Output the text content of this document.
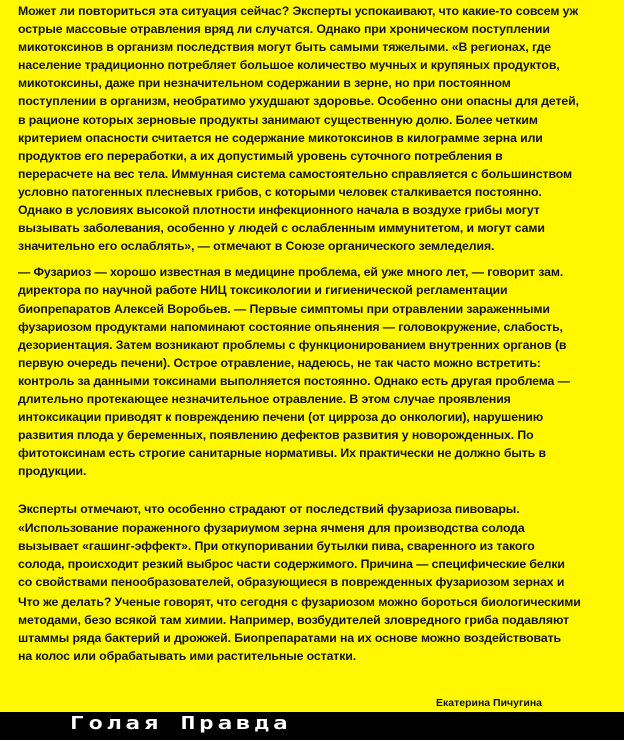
Может ли повториться эта ситуация сейчас? Эксперты успокаивают, что какие-то совсем уж
острые массовые отравления вряд ли случатся. Однако при хроническом поступлении
микотоксинов в организм последствия могут быть самыми тяжелыми. «В регионах, где
население традиционно потребляет большое количество мучных и крупяных продуктов,
микотоксины, даже при незначительном содержании в зерне, но при постоянном
поступлении в организм, необратимо ухудшают здоровье. Особенно они опасны для детей,
в рационе которых зерновые продукты занимают существенную долю. Более четким
критерием опасности считается не содержание микотоксинов в килограмме зерна или
продуктов его переработки, а их допустимый уровень суточного потребления в
перерасчете на вес тела. Иммунная система самостоятельно справляется с большинством
условно патогенных плесневых грибов, с которыми человек сталкивается постоянно.
Однако в условиях высокой плотности инфекционного начала в воздухе грибы могут
вызывать заболевания, особенно у людей с ослабленным иммунитетом, и могут сами
значительно его ослаблять», — отмечают в Союзе органического земледелия.

— Фузариоз — хорошо известная в медицине проблема, ей уже много лет, — говорит зам.
директора по научной работе НИЦ токсикологии и гигиенической регламентации
биопрепаратов Алексей Воробьев. — Первые симптомы при отравлении зараженными
фузариозом продуктами напоминают состояние опьянения — головокружение, слабость,
дезориентация. Затем возникают проблемы с функционированием внутренних органов (в
первую очередь печени). Острое отравление, надеюсь, не так часто можно встретить:
контроль за данными токсинами выполняется постоянно. Однако есть другая проблема —
длительно протекающее незначительное отравление. В этом случае проявления
интоксикации приводят к повреждению печени (от цирроза до онкологии), нарушению
развития плода у беременных, появлению дефектов развития у новорожденных. По
фитотоксинам есть строгие санитарные нормативы. Их практически не должно быть в
продукции.

Эксперты отмечают, что особенно страдают от последствий фузариоза пивовары.
«Использование пораженного фузариумом зерна ячменя для производства солода
вызывает «гашинг-эффект». При откупоривании бутылки пива, сваренного из такого
солода, происходит резкий выброс части содержимого. Причина — специфические белки
со свойствами пенообразователей, образующиеся в поврежденных фузариозом зернах и

Что же делать? Ученые говорят, что сегодня с фузариозом можно бороться биологическими
методами, безо всякой там химии. Например, возбудителей зловредного гриба подавляют
штаммы ряда бактерий и дрожжей. Биопрепаратами на их основе можно воздействовать
на колос или обрабатывать ими растительные остатки.

Екатерина Пичугина
Голая Правда
